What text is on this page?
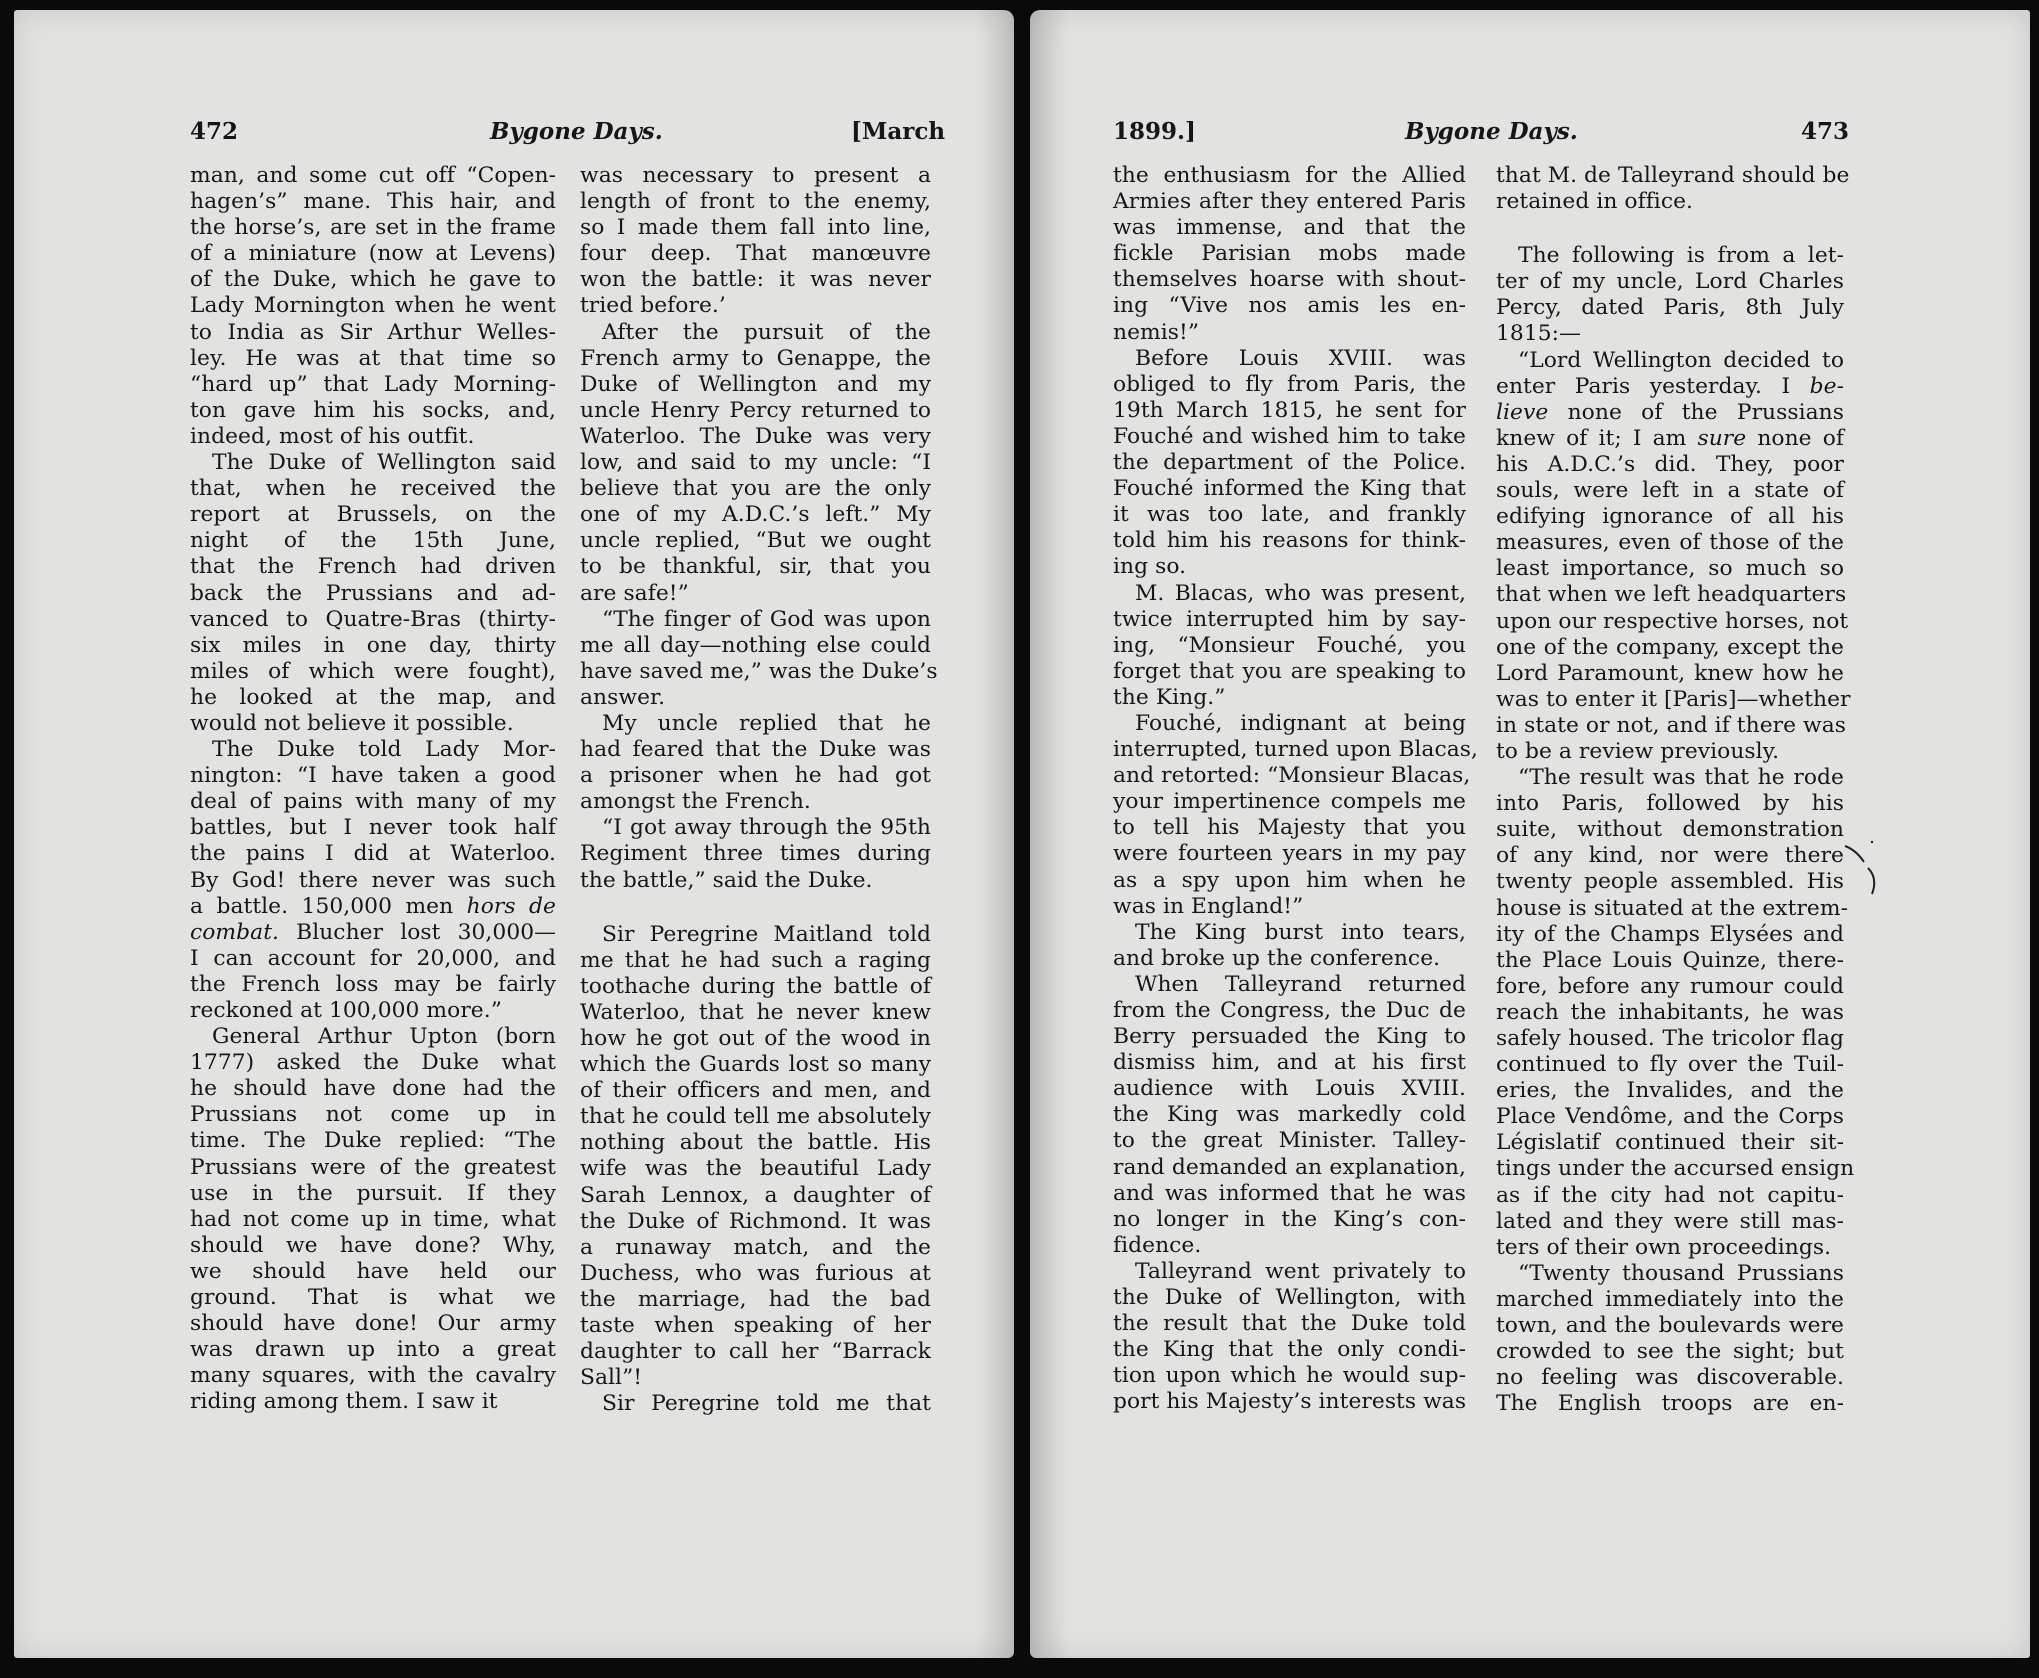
472	Bygone Days.	[March	1899.]	Bygone Days.	473
man, and some cut off “Copen-
hagen’s” mane. This hair, and
the horse’s, are set in the frame
of a miniature (now at Levens)
of the Duke, which he gave to
Lady Mornington when he went
to India as Sir Arthur Welles-
ley. He was at that time so
“hard up” that Lady Morning-
ton gave him his socks, and,
indeed, most of his outfit.
The Duke of Wellington said
that, when he received the
report at Brussels, on the
night of the 15th June,
that the French had driven
back the Prussians and ad-
vanced to Quatre-Bras (thirty-
six miles in one day, thirty
miles of which were fought),
he looked at the map, and
would not believe it possible.
The Duke told Lady Mor-
nington: “I have taken a good
deal of pains with many of my
battles, but I never took half
the pains I did at Waterloo.
By God! there never was such
a battle. 150,000 men hors de
combat. Blucher lost 30,000—
I can account for 20,000, and
the French loss may be fairly
reckoned at 100,000 more.”
General Arthur Upton (born
1777) asked the Duke what
he should have done had the
Prussians not come up in
time. The Duke replied: “The
Prussians were of the greatest
use in the pursuit. If they
had not come up in time, what
should we have done? Why,
we should have held our
ground. That is what we
should have done! Our army
was drawn up into a great
many squares, with the cavalry
riding among them. I saw it
was necessary to present a
length of front to the enemy,
so I made them fall into line,
four deep. That manœuvre
won the battle: it was never
tried before.’
After the pursuit of the
French army to Genappe, the
Duke of Wellington and my
uncle Henry Percy returned to
Waterloo. The Duke was very
low, and said to my uncle: “I
believe that you are the only
one of my A.D.C.’s left.” My
uncle replied, “But we ought
to be thankful, sir, that you
are safe!”
“The finger of God was upon
me all day—nothing else could
have saved me,” was the Duke’s
answer.
My uncle replied that he
had feared that the Duke was
a prisoner when he had got
amongst the French.
“I got away through the 95th
Regiment three times during
the battle,” said the Duke.
Sir Peregrine Maitland told
me that he had such a raging
toothache during the battle of
Waterloo, that he never knew
how he got out of the wood in
which the Guards lost so many
of their officers and men, and
that he could tell me absolutely
nothing about the battle. His
wife was the beautiful Lady
Sarah Lennox, a daughter of
the Duke of Richmond. It was
a runaway match, and the
Duchess, who was furious at
the marriage, had the bad
taste when speaking of her
daughter to call her “Barrack
Sall”!
Sir Peregrine told me that
the enthusiasm for the Allied
Armies after they entered Paris
was immense, and that the
fickle Parisian mobs made
themselves hoarse with shout-
ing “Vive nos amis les en-
nemis!”
Before Louis XVIII. was
obliged to fly from Paris, the
19th March 1815, he sent for
Fouché and wished him to take
the department of the Police.
Fouché informed the King that
it was too late, and frankly
told him his reasons for think-
ing so.
M. Blacas, who was present,
twice interrupted him by say-
ing, “Monsieur Fouché, you
forget that you are speaking to
the King.”
Fouché, indignant at being
interrupted, turned upon Blacas,
and retorted: “Monsieur Blacas,
your impertinence compels me
to tell his Majesty that you
were fourteen years in my pay
as a spy upon him when he
was in England!”
The King burst into tears,
and broke up the conference.
When Talleyrand returned
from the Congress, the Duc de
Berry persuaded the King to
dismiss him, and at his first
audience with Louis XVIII.
the King was markedly cold
to the great Minister. Talley-
rand demanded an explanation,
and was informed that he was
no longer in the King’s con-
fidence.
Talleyrand went privately to
the Duke of Wellington, with
the result that the Duke told
the King that the only condi-
tion upon which he would sup-
port his Majesty’s interests was
that M. de Talleyrand should be
retained in office.
The following is from a let-
ter of my uncle, Lord Charles
Percy, dated Paris, 8th July
1815:—
“Lord Wellington decided to
enter Paris yesterday. I be-
lieve none of the Prussians
knew of it; I am sure none of
his A.D.C.’s did. They, poor
souls, were left in a state of
edifying ignorance of all his
measures, even of those of the
least importance, so much so
that when we left headquarters
upon our respective horses, not
one of the company, except the
Lord Paramount, knew how he
was to enter it [Paris]—whether
in state or not, and if there was
to be a review previously.
“The result was that he rode
into Paris, followed by his
suite, without demonstration
of any kind, nor were there
twenty people assembled. His
house is situated at the extrem-
ity of the Champs Elysées and
the Place Louis Quinze, there-
fore, before any rumour could
reach the inhabitants, he was
safely housed. The tricolor flag
continued to fly over the Tuil-
eries, the Invalides, and the
Place Vendôme, and the Corps
Législatif continued their sit-
tings under the accursed ensign
as if the city had not capitu-
lated and they were still mas-
ters of their own proceedings.
“Twenty thousand Prussians
marched immediately into the
town, and the boulevards were
crowded to see the sight; but
no feeling was discoverable.
The English troops are en-
